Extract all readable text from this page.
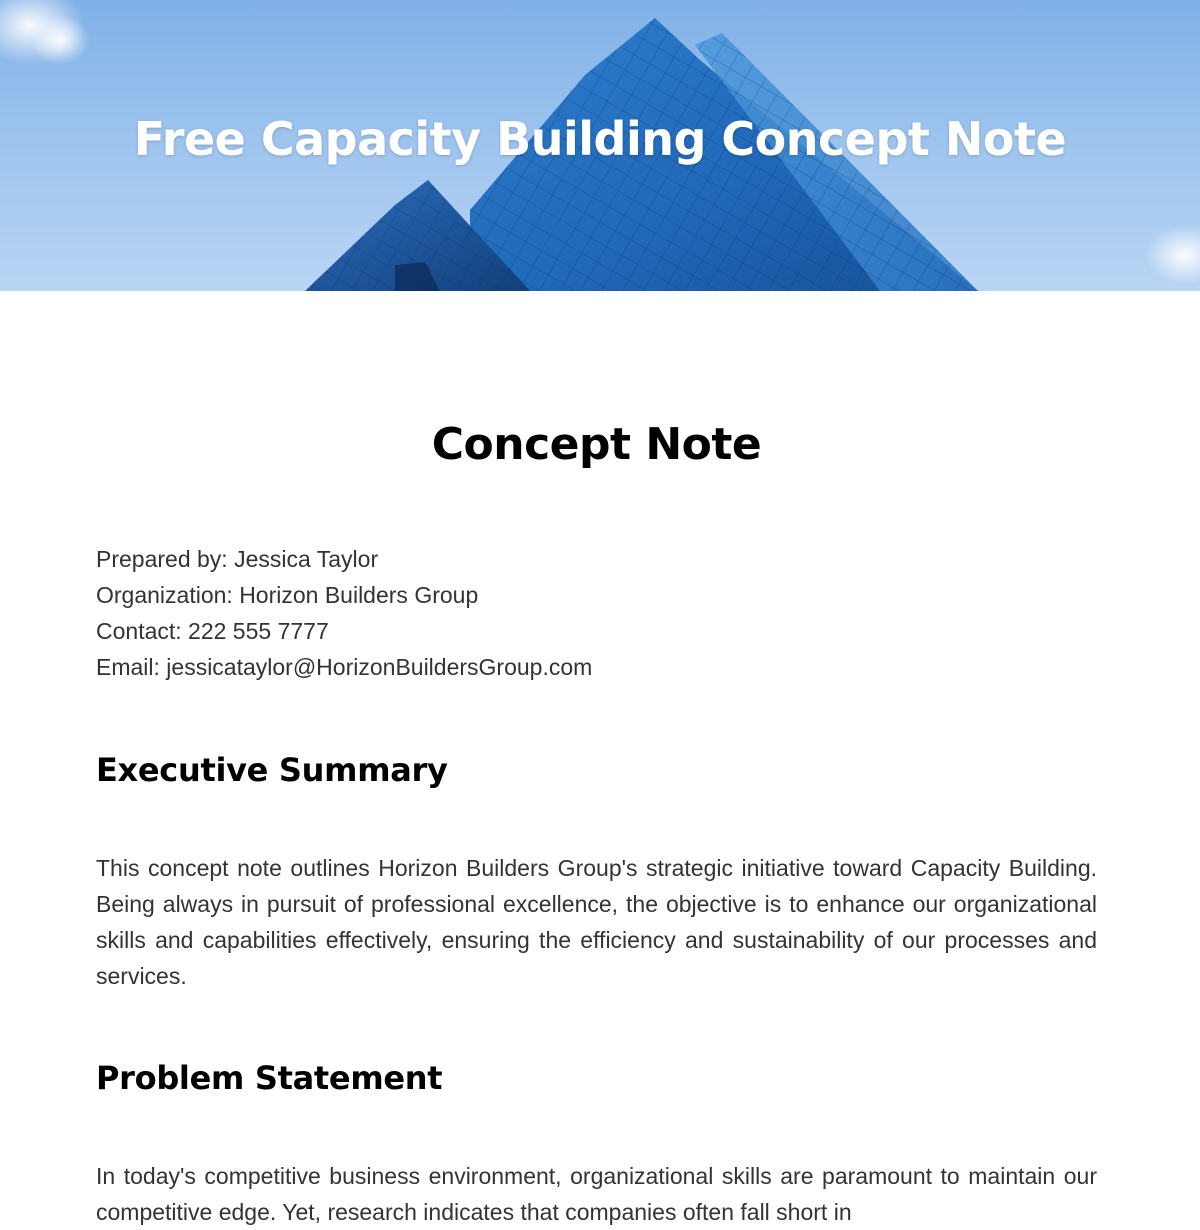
Free Capacity Building Concept Note
Concept Note
Prepared by: Jessica Taylor
Organization: Horizon Builders Group
Contact: 222 555 7777
Email: jessicataylor@HorizonBuildersGroup.com
Executive Summary

This concept note outlines Horizon Builders Group's strategic initiative toward Capacity Building. Being always in pursuit of professional excellence, the objective is to enhance our organizational skills and capabilities effectively, ensuring the efficiency and sustainability of our processes and services.

Problem Statement

In today's competitive business environment, organizational skills are paramount to maintain our competitive edge. Yet, research indicates that companies often fall short in
